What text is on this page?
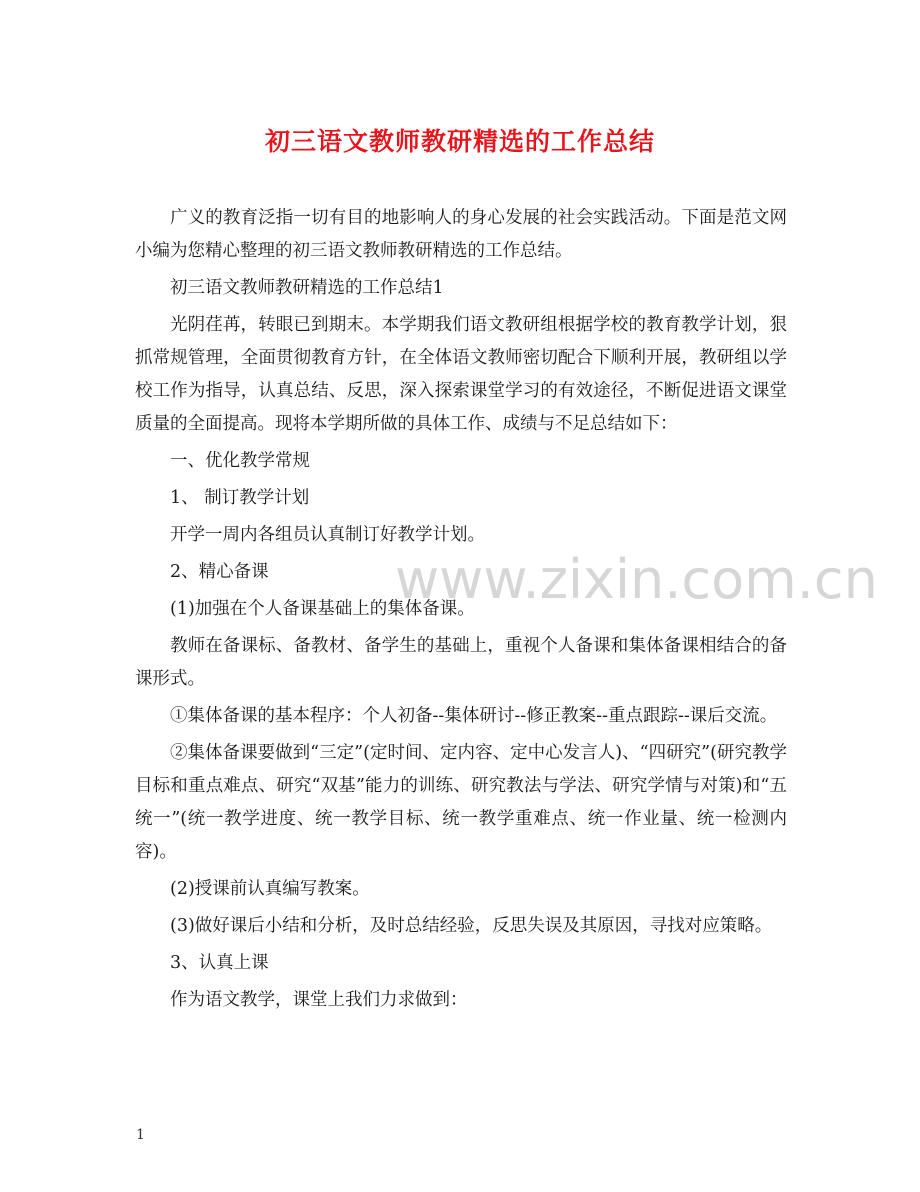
初三语文教师教研精选的工作总结

广义的教育泛指一切有目的地影响人的身心发展的社会实践活动。下面是范文网小编为您精心整理的初三语文教师教研精选的工作总结。

初三语文教师教研精选的工作总结1

光阴荏苒，转眼已到期末。本学期我们语文教研组根据学校的教育教学计划，狠抓常规管理，全面贯彻教育方针，在全体语文教师密切配合下顺利开展，教研组以学校工作为指导，认真总结、反思，深入探索课堂学习的有效途径，不断促进语文课堂质量的全面提高。现将本学期所做的具体工作、成绩与不足总结如下：

一、优化教学常规

1、 制订教学计划

开学一周内各组员认真制订好教学计划。

2、精心备课

(1)加强在个人备课基础上的集体备课。

教师在备课标、备教材、备学生的基础上，重视个人备课和集体备课相结合的备课形式。

①集体备课的基本程序：个人初备--集体研讨--修正教案--重点跟踪--课后交流。

②集体备课要做到“三定”(定时间、定内容、定中心发言人)、“四研究”(研究教学目标和重点难点、研究“双基”能力的训练、研究教法与学法、研究学情与对策)和“五统一”(统一教学进度、统一教学目标、统一教学重难点、统一作业量、统一检测内容)。

(2)授课前认真编写教案。

(3)做好课后小结和分析，及时总结经验，反思失误及其原因，寻找对应策略。

3、认真上课

作为语文教学，课堂上我们力求做到：

www.zixin.com.cn
1
